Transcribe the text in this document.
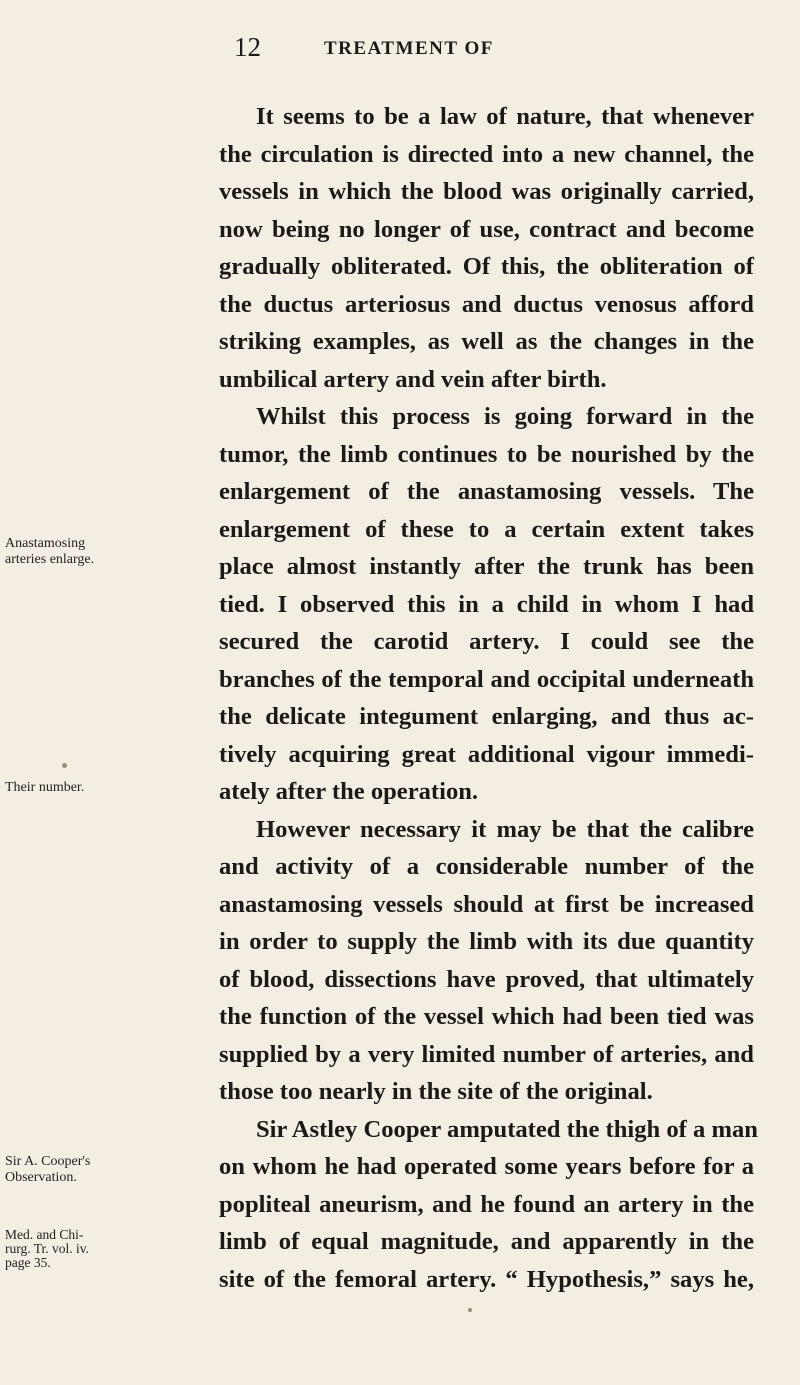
12	TREATMENT OF
It seems to be a law of nature, that whenever
the circulation is directed into a new channel, the
vessels in which the blood was originally carried,
now being no longer of use, contract and become
gradually obliterated. Of this, the obliteration of
the ductus arteriosus and ductus venosus afford
striking examples, as well as the changes in the
umbilical artery and vein after birth.
Whilst this process is going forward in the
tumor, the limb continues to be nourished by the
enlargement of the anastamosing vessels. The
enlargement of these to a certain extent takes
place almost instantly after the trunk has been
tied. I observed this in a child in whom I had
secured the carotid artery. I could see the
branches of the temporal and occipital underneath
the delicate integument enlarging, and thus ac-
tively acquiring great additional vigour immedi-
ately after the operation.
However necessary it may be that the calibre
and activity of a considerable number of the
anastamosing vessels should at first be increased
in order to supply the limb with its due quantity
of blood, dissections have proved, that ultimately
the function of the vessel which had been tied was
supplied by a very limited number of arteries, and
those too nearly in the site of the original.
Sir Astley Cooper amputated the thigh of a man
on whom he had operated some years before for a
popliteal aneurism, and he found an artery in the
limb of equal magnitude, and apparently in the
site of the femoral artery. “ Hypothesis,” says he,
Anastamosing
arteries enlarge.
Their number.
Sir A. Cooper's
Observation.
Med. and Chi-
rurg. Tr. vol. iv.
page 35.
